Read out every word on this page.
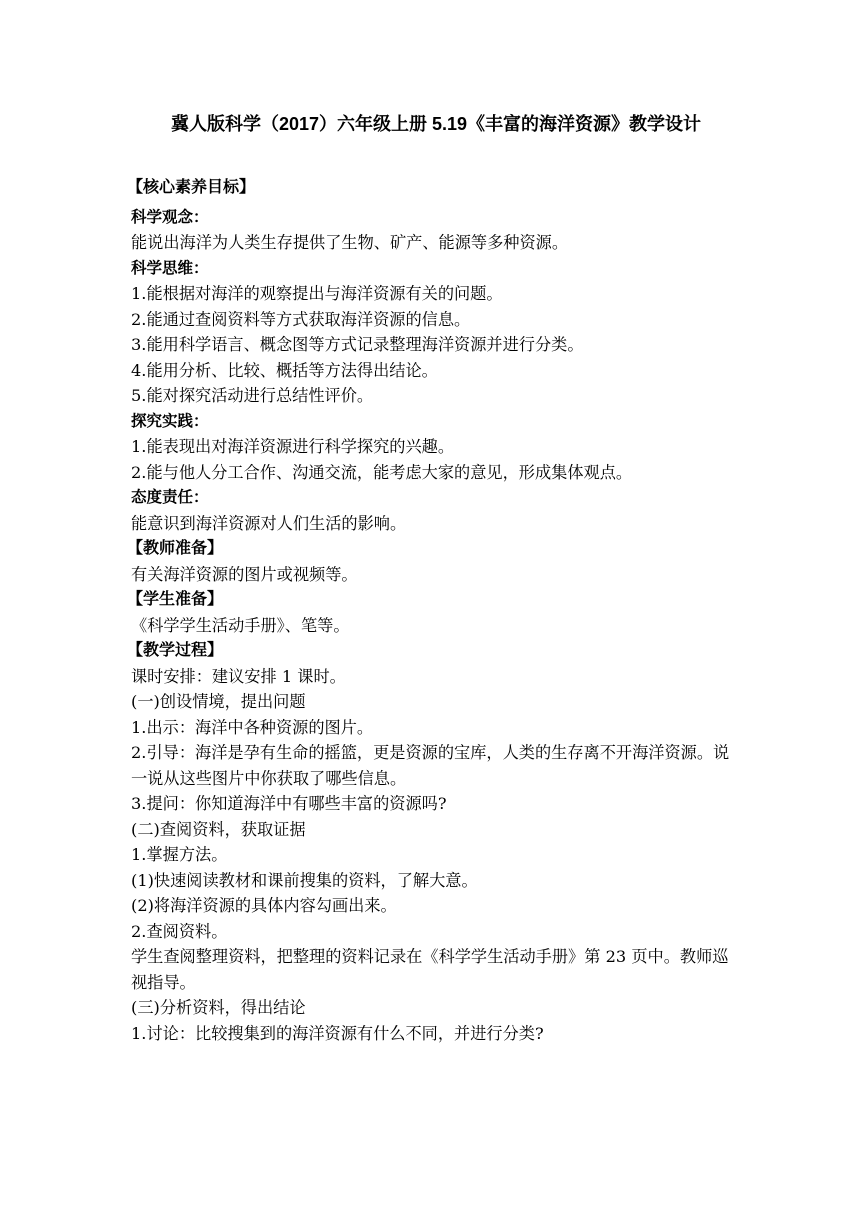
冀人版科学（2017）六年级上册 5.19《丰富的海洋资源》教学设计
【核心素养目标】
科学观念：
能说出海洋为人类生存提供了生物、矿产、能源等多种资源。
科学思维：
1.能根据对海洋的观察提出与海洋资源有关的问题。
2.能通过查阅资料等方式获取海洋资源的信息。
3.能用科学语言、概念图等方式记录整理海洋资源并进行分类。
4.能用分析、比较、概括等方法得出结论。
5.能对探究活动进行总结性评价。
探究实践：
1.能表现出对海洋资源进行科学探究的兴趣。
2.能与他人分工合作、沟通交流，能考虑大家的意见，形成集体观点。
态度责任：
能意识到海洋资源对人们生活的影响。
【教师准备】
有关海洋资源的图片或视频等。
【学生准备】
《科学学生活动手册》、笔等。
【教学过程】
课时安排：建议安排 1 课时。
(一)创设情境，提出问题
1.出示：海洋中各种资源的图片。
2.引导：海洋是孕有生命的摇篮，更是资源的宝库，人类的生存离不开海洋资源。说一说从这些图片中你获取了哪些信息。
3.提问：你知道海洋中有哪些丰富的资源吗?
(二)查阅资料，获取证据
1.掌握方法。
(1)快速阅读教材和课前搜集的资料，了解大意。
(2)将海洋资源的具体内容勾画出来。
2.查阅资料。
学生查阅整理资料，把整理的资料记录在《科学学生活动手册》第 23 页中。教师巡视指导。
(三)分析资料，得出结论
1.讨论：比较搜集到的海洋资源有什么不同，并进行分类?
